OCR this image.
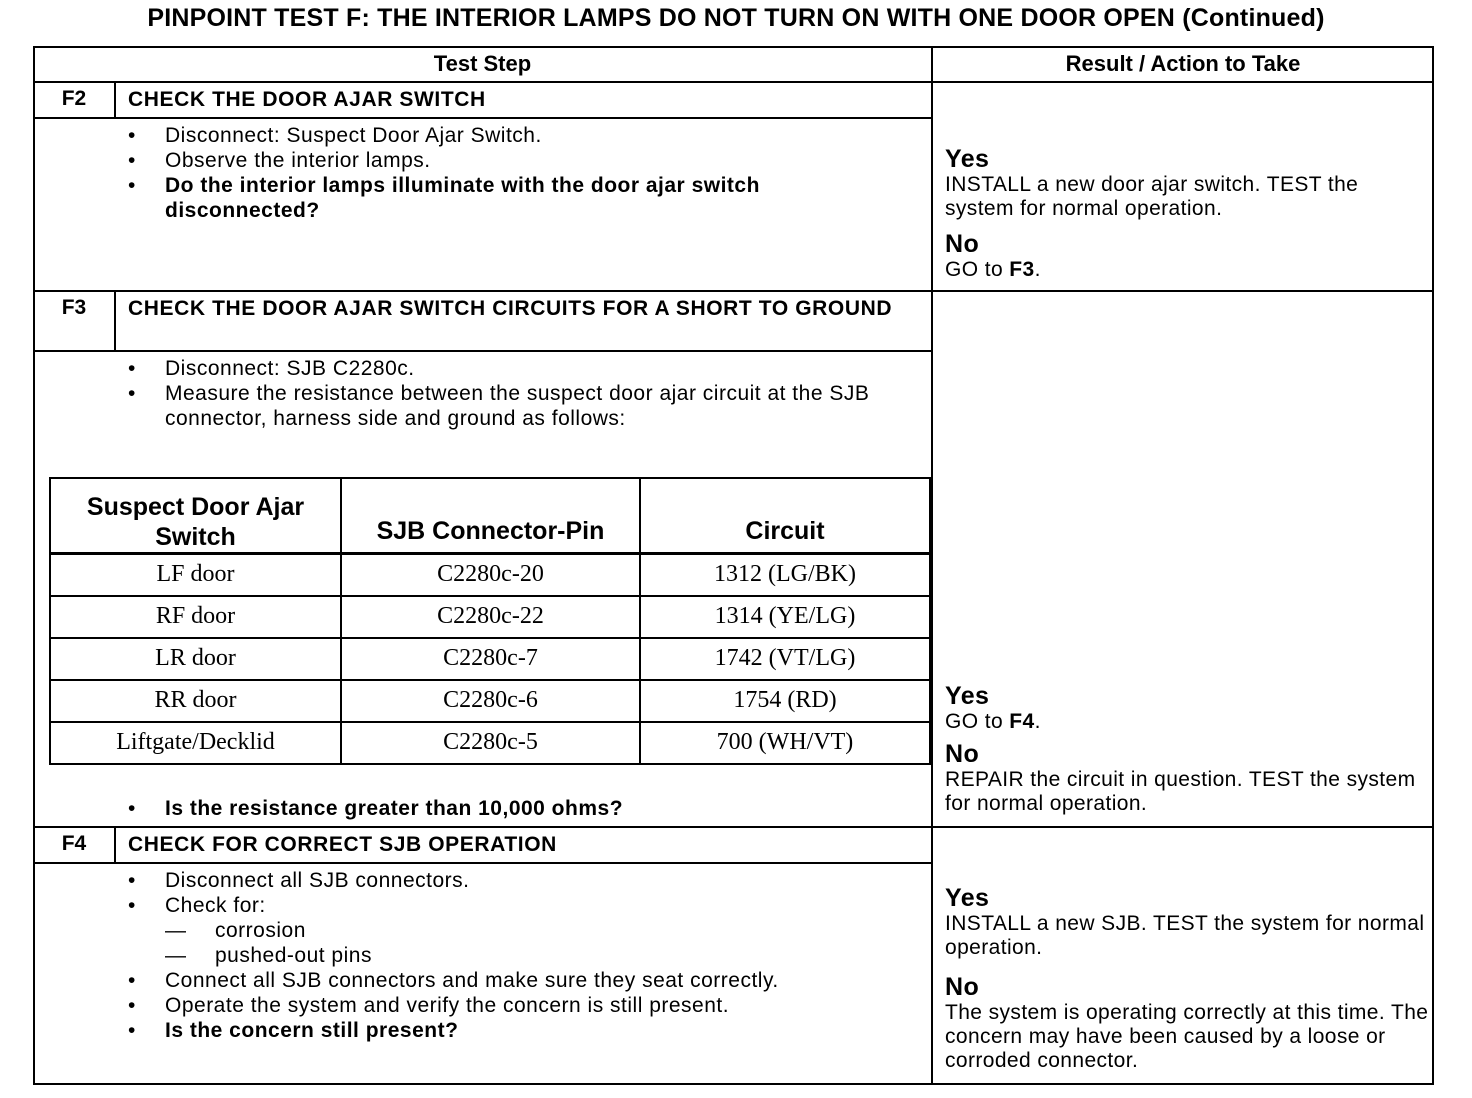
PINPOINT TEST F: THE INTERIOR LAMPS DO NOT TURN ON WITH ONE DOOR OPEN (Continued)
Test Step	Result / Action to Take
F2	CHECK THE DOOR AJAR SWITCH
•	Disconnect: Suspect Door Ajar Switch.
•	Observe the interior lamps.
•	Do the interior lamps illuminate with the door ajar switch disconnected?
Yes
INSTALL a new door ajar switch. TEST the system for normal operation.
No
GO to F3.
F3	CHECK THE DOOR AJAR SWITCH CIRCUITS FOR A SHORT TO GROUND
•	Disconnect: SJB C2280c.
•	Measure the resistance between the suspect door ajar circuit at the SJB connector, harness side and ground as follows:
Suspect Door Ajar Switch	SJB Connector-Pin	Circuit
LF door	C2280c-20	1312 (LG/BK)
RF door	C2280c-22	1314 (YE/LG)
LR door	C2280c-7	1742 (VT/LG)
RR door	C2280c-6	1754 (RD)
Liftgate/Decklid	C2280c-5	700 (WH/VT)
•	Is the resistance greater than 10,000 ohms?
Yes
GO to F4.
No
REPAIR the circuit in question. TEST the system for normal operation.
F4	CHECK FOR CORRECT SJB OPERATION
•	Disconnect all SJB connectors.
•	Check for:
—	corrosion
—	pushed-out pins
•	Connect all SJB connectors and make sure they seat correctly.
•	Operate the system and verify the concern is still present.
•	Is the concern still present?
Yes
INSTALL a new SJB. TEST the system for normal operation.
No
The system is operating correctly at this time. The concern may have been caused by a loose or corroded connector.
